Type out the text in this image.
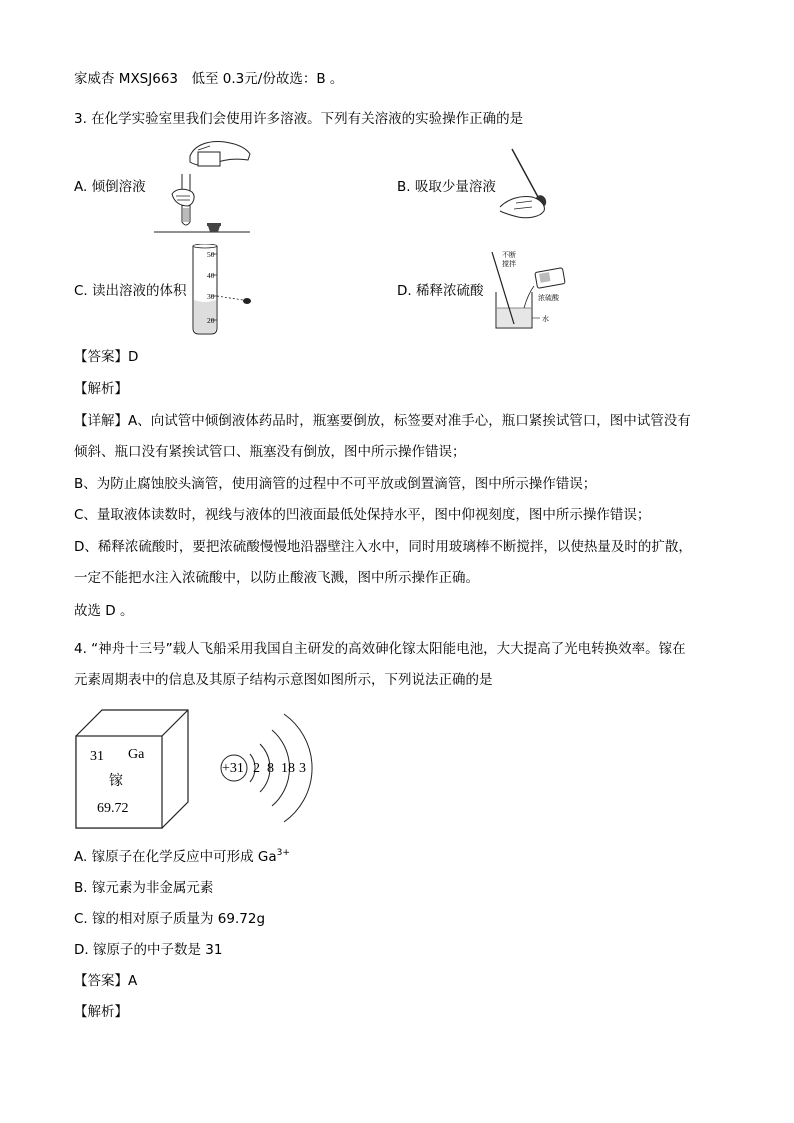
家威杏 MXSJ663　低至 0.3元/份故选：B 。
3. 在化学实验室里我们会使用许多溶液。下列有关溶液的实验操作正确的是
A. 倾倒溶液	B. 吸取少量溶液
C. 读出溶液的体积	D. 稀释浓硫酸
50
40
30
20
不断
搅拌
浓硫酸
水
【答案】D
【解析】
【详解】A、向试管中倾倒液体药品时，瓶塞要倒放，标签要对准手心，瓶口紧挨试管口，图中试管没有
倾斜、瓶口没有紧挨试管口、瓶塞没有倒放，图中所示操作错误；
B、为防止腐蚀胶头滴管，使用滴管的过程中不可平放或倒置滴管，图中所示操作错误；
C、量取液体读数时，视线与液体的凹液面最低处保持水平，图中仰视刻度，图中所示操作错误；
D、稀释浓硫酸时，要把浓硫酸慢慢地沿器壁注入水中，同时用玻璃棒不断搅拌，以使热量及时的扩散，
一定不能把水注入浓硫酸中，以防止酸液飞溅，图中所示操作正确。
故选 D 。
4. “神舟十三号”载人飞船采用我国自主研发的高效砷化镓太阳能电池，大大提高了光电转换效率。镓在
元素周期表中的信息及其原子结构示意图如图所示，下列说法正确的是
31 Ga
镓
69.72
+31 2 8 18 3
A. 镓原子在化学反应中可形成 $Ga^{3+}$
B. 镓元素为非金属元素
C. 镓的相对原子质量为 69.72g
D. 镓原子的中子数是 31
【答案】A
【解析】
